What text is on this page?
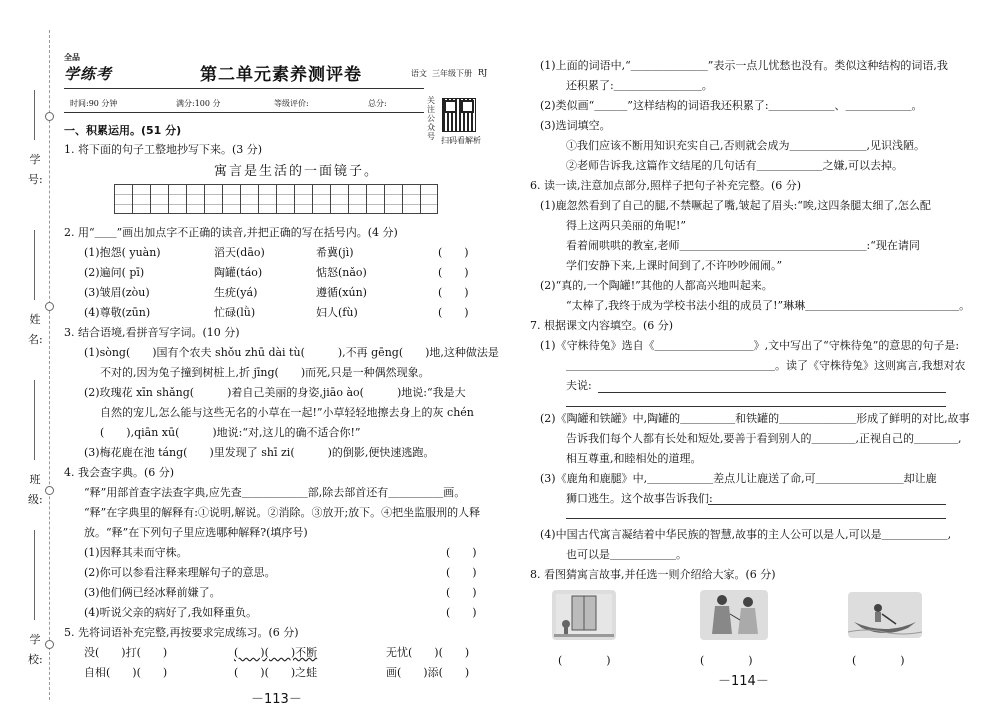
学号:
姓名:
班级:
学校:
全品
学练考	第二单元素养测评卷	语文 三年级下册 RJ
时间:90 分钟	满分:100 分	等级评价:	总分:	关注公众号 扫码看解析
一、积累运用。(51 分)
1. 将下面的句子工整地抄写下来。(3 分)
寓言是生活的一面镜子。
2. 用“＿＿”画出加点字不正确的读音,并把正确的写在括号内。(4 分)
(1)抱怨( yuàn)	滔天(dāo)	希冀(jì)	(　　)
(2)遍问( pī)	陶罐(táo)	惦怒(nǎo)	(　　)
(3)皱眉(zòu)	生疣(yá)	遵循(xún)	(　　)
(4)尊敬(zūn)	忙碌(lǜ)	妇人(fù)	(　　)
3. 结合语境,看拼音写字词。(10 分)
(1)sòng(　　)国有个农夫 shǒu zhū dài tù(　　　),不再 gēng(　　)地,这种做法是
不对的,因为兔子撞到树桩上,折 jīng(　　)而死,只是一种偶然现象。
(2)玫瑰花 xīn shǎng(　　　)着自己美丽的身姿,jiāo ào(　　　)地说:“我是大
自然的宠儿,怎么能与这些无名的小草在一起!”小草轻轻地擦去身上的灰 chén
(　　),qiān xū(　　　)地说:“对,这儿的确不适合你!”
(3)梅花鹿在池 táng(　　)里发现了 shī zi(　　　)的倒影,便快速逃跑。
4. 我会查字典。(6 分)
“释”用部首查字法查字典,应先查＿＿＿＿＿＿部,除去部首还有＿＿＿＿＿画。
“释”在字典里的解释有:①说明,解说。②消除。③放开;放下。④把坐监服刑的人释
放。“释”在下列句子里应选哪种解释?(填序号)
(1)因释其耒而守株。	(　　)
(2)你可以参看注释来理解句子的意思。	(　　)
(3)他们俩已经冰释前嫌了。	(　　)
(4)听说父亲的病好了,我如释重负。	(　　)
5. 先将词语补充完整,再按要求完成练习。(6 分)
没(　　)打(　　)	(　　)(　　)不断	无忧(　　)(　　)
自相(　　)(　　)	(　　)(　　)之蛙	画(　　)添(　　)
－113－
(1)上面的词语中,“＿＿＿＿＿＿＿”表示一点儿忧愁也没有。类似这种结构的词语,我
还积累了:＿＿＿＿＿＿＿＿。
(2)类似画“＿＿＿”这样结构的词语我还积累了:＿＿＿＿＿＿、＿＿＿＿＿＿。
(3)选词填空。
①我们应该不断用知识充实自己,否则就会成为＿＿＿＿＿＿＿,见识浅陋。
②老师告诉我,这篇作文结尾的几句话有＿＿＿＿＿＿之嫌,可以去掉。
6. 读一读,注意加点部分,照样子把句子补充完整。(6 分)
(1)鹿忽然看到了自己的腿,不禁噘起了嘴,皱起了眉头:“唉,这四条腿太细了,怎么配
得上这两只美丽的角呢!”
看着闹哄哄的教室,老师＿＿＿＿＿＿＿＿＿＿＿＿＿＿＿＿＿:“现在请同
学们安静下来,上课时间到了,不许吵吵闹闹。”
(2)“真的,一个陶罐!”其他的人都高兴地叫起来。
“太棒了,我终于成为学校书法小组的成员了!”琳琳＿＿＿＿＿＿＿＿＿＿＿＿＿＿。
7. 根据课文内容填空。(6 分)
(1)《守株待兔》选自《＿＿＿＿＿＿＿＿＿》,文中写出了“守株待兔”的意思的句子是:
＿＿＿＿＿＿＿＿＿＿＿＿＿＿＿＿＿＿＿。读了《守株待兔》这则寓言,我想对农
夫说:
(2)《陶罐和铁罐》中,陶罐的＿＿＿＿＿和铁罐的＿＿＿＿＿＿＿形成了鲜明的对比,故事
告诉我们每个人都有长处和短处,要善于看到别人的＿＿＿＿,正视自己的＿＿＿＿,
相互尊重,和睦相处的道理。
(3)《鹿角和鹿腿》中,＿＿＿＿＿＿差点儿让鹿送了命,可＿＿＿＿＿＿＿＿却让鹿
狮口逃生。这个故事告诉我们:
(4)中国古代寓言凝结着中华民族的智慧,故事的主人公可以是人,可以是＿＿＿＿＿＿,
也可以是＿＿＿＿＿＿。
8. 看图猜寓言故事,并任选一则介绍给大家。(6 分)
(　　　　)	(　　　　)	(　　　　)
－114－
